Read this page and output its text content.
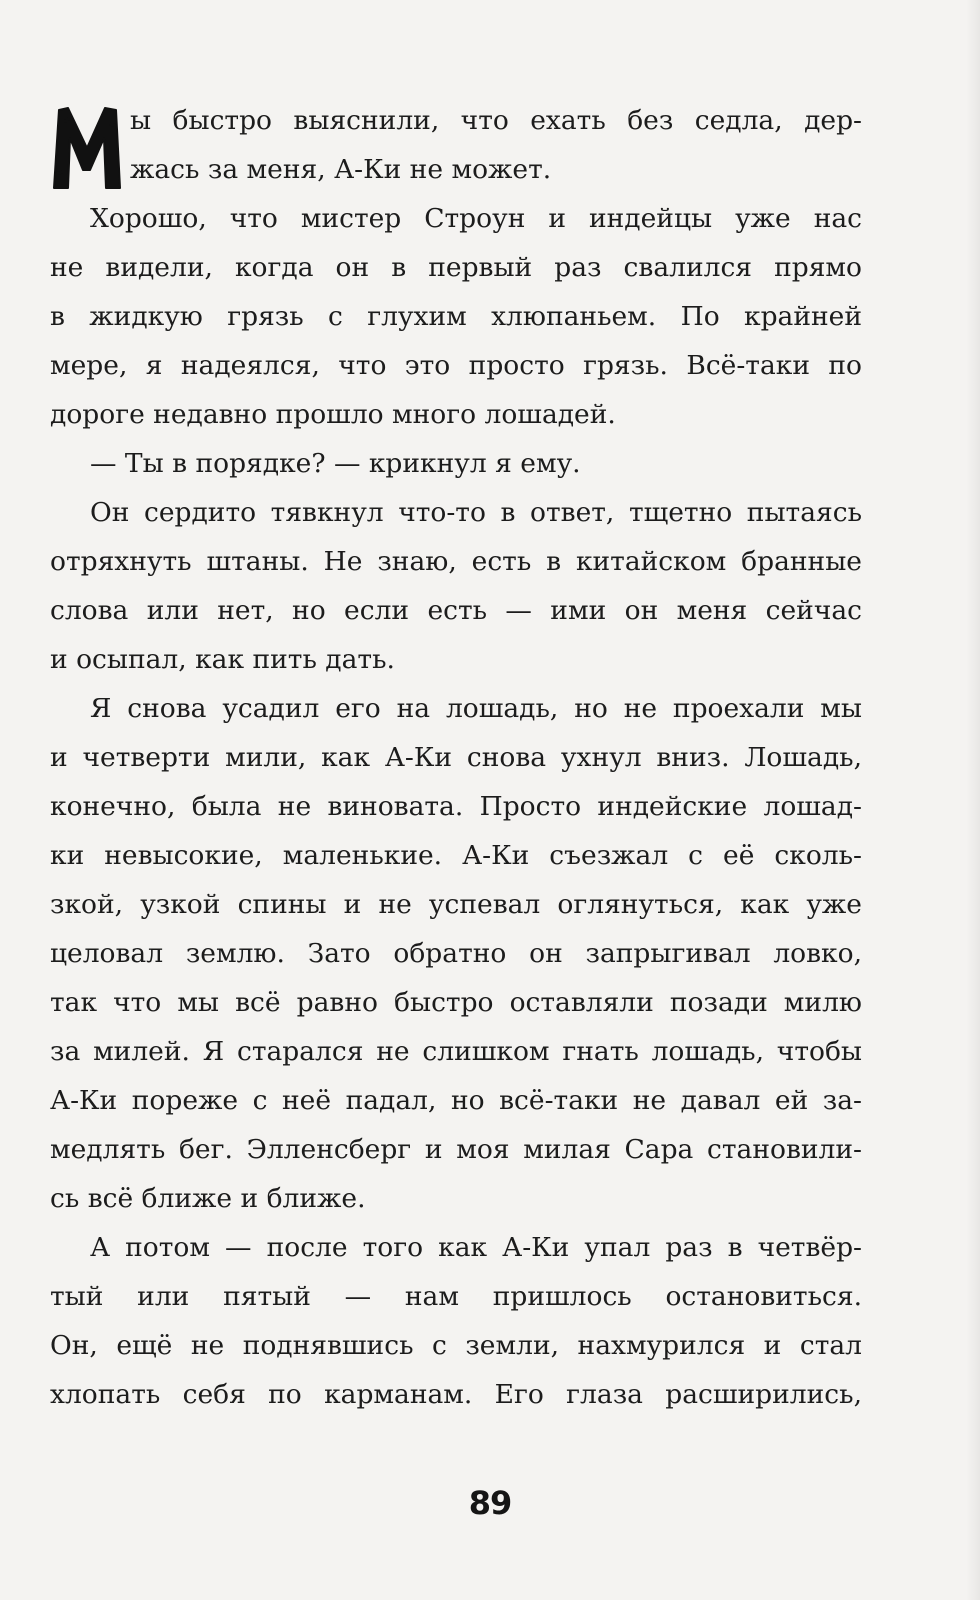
ы быстро выяснили, что ехать без седла, дер-
жась за меня, А-Ки не может.
Хорошо, что мистер Строун и индейцы уже нас
не видели, когда он в первый раз свалился прямо
в жидкую грязь с глухим хлюпаньем. По крайней
мере, я надеялся, что это просто грязь. Всё-таки по
дороге недавно прошло много лошадей.
— Ты в порядке? — крикнул я ему.
Он сердито тявкнул что-то в ответ, тщетно пытаясь
отряхнуть штаны. Не знаю, есть в китайском бранные
слова или нет, но если есть — ими он меня сейчас
и осыпал, как пить дать.
Я снова усадил его на лошадь, но не проехали мы
и четверти мили, как А-Ки снова ухнул вниз. Лошадь,
конечно, была не виновата. Просто индейские лошад-
ки невысокие, маленькие. А-Ки съезжал с её сколь-
зкой, узкой спины и не успевал оглянуться, как уже
целовал землю. Зато обратно он запрыгивал ловко,
так что мы всё равно быстро оставляли позади милю
за милей. Я старался не слишком гнать лошадь, чтобы
А-Ки пореже с неё падал, но всё-таки не давал ей за-
медлять бег. Элленсберг и моя милая Сара становили-
сь всё ближе и ближе.
А потом — после того как А-Ки упал раз в четвёр-
тый или пятый — нам пришлось остановиться.
Он, ещё не поднявшись с земли, нахмурился и стал
хлопать себя по карманам. Его глаза расширились,
89
